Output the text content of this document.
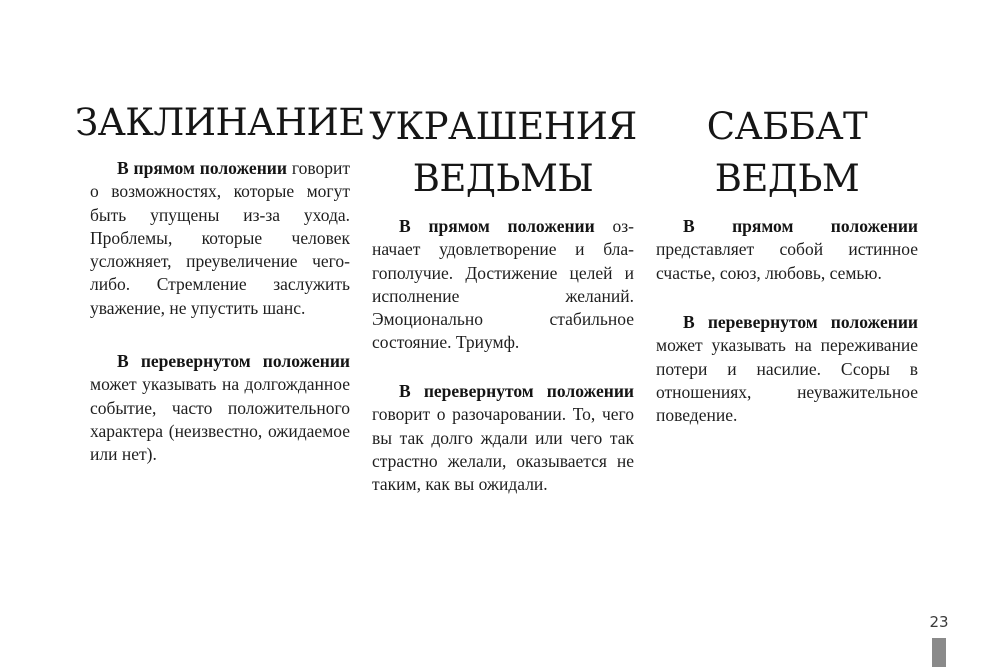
ЗАКЛИНАНИЕ

В прямом положении говорит о возможностях, которые могут быть упущены из-за ухода. Проблемы, которые человек усложняет, преувеличение чего-либо. Стремление заслужить уважение, не упустить шанс.

В перевернутом положении может указывать на долгожданное событие, часто положительного характера (неизвестно, ожидаемое или нет).

УКРАШЕНИЯ
ВЕДЬМЫ

В прямом положении означает удовлетворение и благополучие. Достижение целей и исполнение желаний. Эмоционально стабильное состояние. Триумф.

В перевернутом положении говорит о разочаровании. То, чего вы так долго ждали или чего так страстно желали, оказывается не таким, как вы ожидали.

САББАТ
ВЕДЬМ

В прямом положении представляет собой истинное счастье, союз, любовь, семью.

В перевернутом положении может указывать на переживание потери и насилие. Ссоры в отношениях, неуважительное поведение.

23
